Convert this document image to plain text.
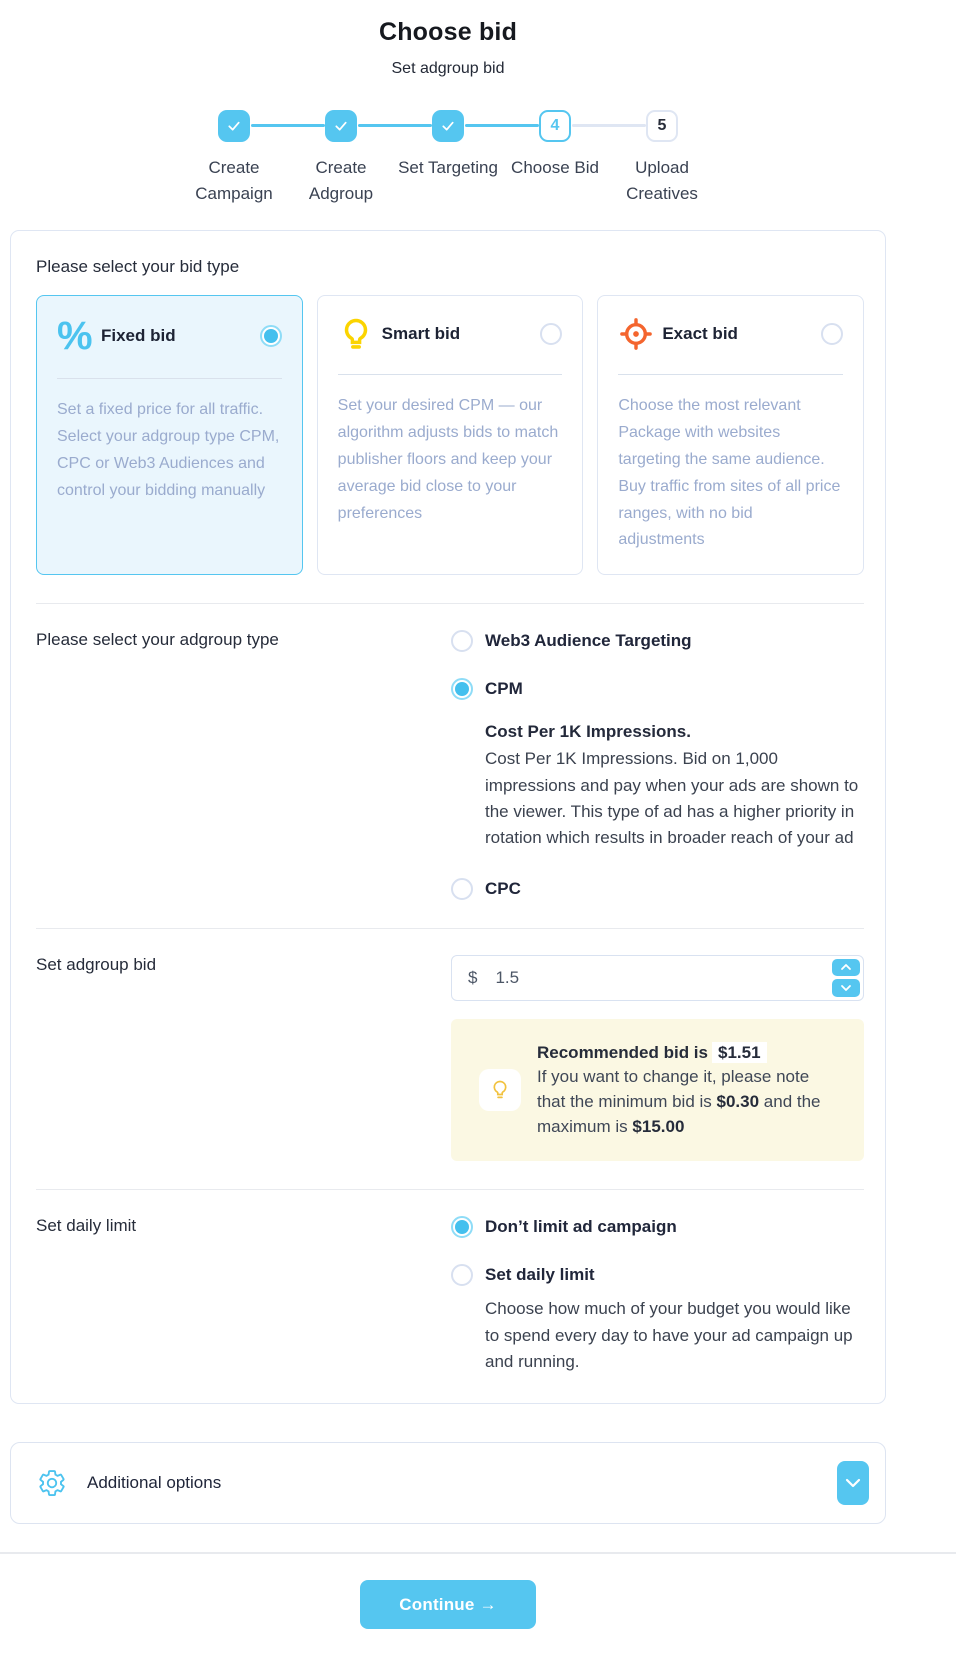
Choose bid
Set adgroup bid
Create Campaign
Create Adgroup
Set Targeting
4
Choose Bid
5
Upload Creatives
Please select your bid type
% Fixed bid
Set a fixed price for all traffic. Select your adgroup type CPM, CPC or Web3 Audiences and control your bidding manually
Smart bid
Set your desired CPM — our algorithm adjusts bids to match publisher floors and keep your average bid close to your preferences
Exact bid
Choose the most relevant Package with websites targeting the same audience. Buy traffic from sites of all price ranges, with no bid adjustments
Please select your adgroup type	Web3 Audience Targeting
CPM
Cost Per 1K Impressions.
Cost Per 1K Impressions. Bid on 1,000 impressions and pay when your ads are shown to the viewer. This type of ad has a higher priority in rotation which results in broader reach of your ad
CPC
Set adgroup bid
$
1.5
Recommended bid is $1.51
If you want to change it, please note that the minimum bid is $0.30 and the maximum is $15.00
Set daily limit	Don’t limit ad campaign
Set daily limit
Choose how much of your budget you would like to spend every day to have your ad campaign up and running.
Additional options
Continue →
